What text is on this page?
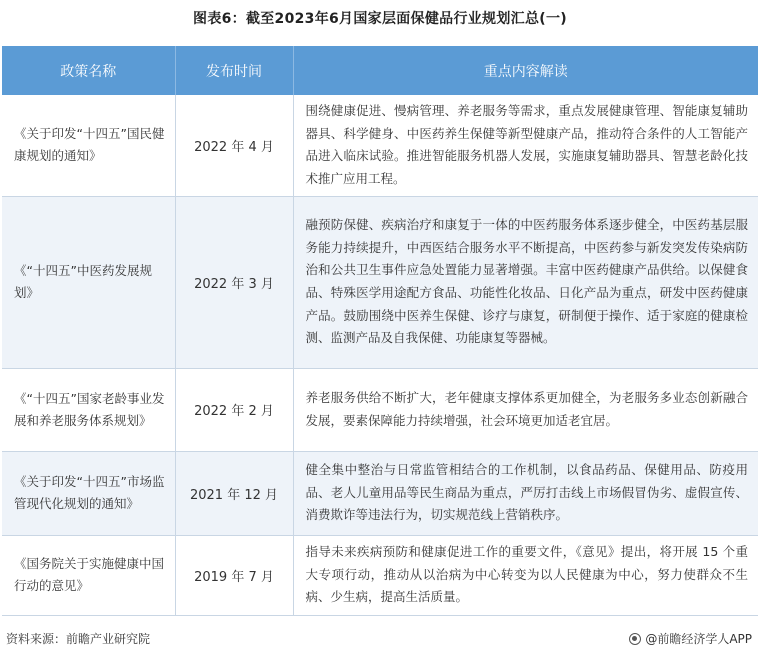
图表6：截至2023年6月国家层面保健品行业规划汇总(一)
政策名称	发布时间	重点内容解读
《关于印发“十四五”国民健康规划的通知》	2022 年 4 月	围绕健康促进、慢病管理、养老服务等需求，重点发展健康管理、智能康复辅助器具、科学健身、中医药养生保健等新型健康产品，推动符合条件的人工智能产品进入临床试验。推进智能服务机器人发展，实施康复辅助器具、智慧老龄化技术推广应用工程。
《“十四五”中医药发展规划》	2022 年 3 月	融预防保健、疾病治疗和康复于一体的中医药服务体系逐步健全，中医药基层服务能力持续提升，中西医结合服务水平不断提高，中医药参与新发突发传染病防治和公共卫生事件应急处置能力显著增强。丰富中医药健康产品供给。以保健食品、特殊医学用途配方食品、功能性化妆品、日化产品为重点，研发中医药健康产品。鼓励围绕中医养生保健、诊疗与康复，研制便于操作、适于家庭的健康检测、监测产品及自我保健、功能康复等器械。
《“十四五”国家老龄事业发展和养老服务体系规划》	2022 年 2 月	养老服务供给不断扩大，老年健康支撑体系更加健全，为老服务多业态创新融合发展，要素保障能力持续增强，社会环境更加适老宜居。
《关于印发“十四五”市场监管现代化规划的通知》	2021 年 12 月	健全集中整治与日常监管相结合的工作机制，以食品药品、保健用品、防疫用品、老人儿童用品等民生商品为重点，严厉打击线上市场假冒伪劣、虚假宣传、消费欺诈等违法行为，切实规范线上营销秩序。
《国务院关于实施健康中国行动的意见》	2019 年 7 月	指导未来疾病预防和健康促进工作的重要文件，《意见》提出，将开展 15 个重大专项行动，推动从以治病为中心转变为以人民健康为中心，努力使群众不生病、少生病，提高生活质量。
资料来源：前瞻产业研究院	@前瞻经济学人APP
